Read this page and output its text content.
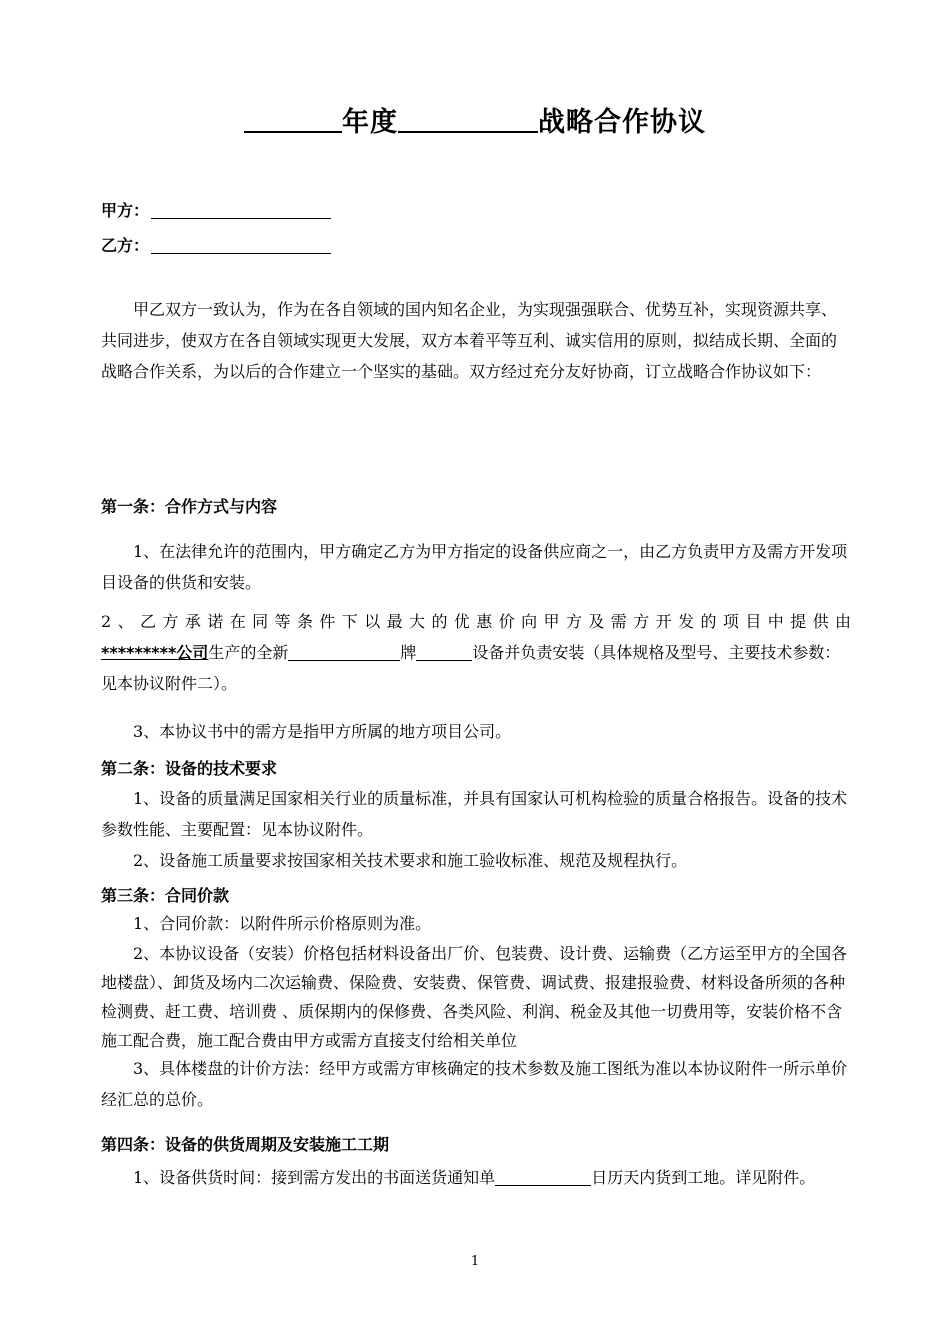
年度	战略合作协议
甲方：
乙方：

甲乙双方一致认为，作为在各自领域的国内知名企业，为实现强强联合、优势互补，实现资源共享、共同进步，使双方在各自领域实现更大发展，双方本着平等互利、诚实信用的原则，拟结成长期、全面的战略合作关系，为以后的合作建立一个坚实的基础。双方经过充分友好协商，订立战略合作协议如下：

第一条：合作方式与内容

1、在法律允许的范围内，甲方确定乙方为甲方指定的设备供应商之一，由乙方负责甲方及需方开发项目设备的供货和安装。

2、乙方承诺在同等条件下以最大的优惠价向甲方及需方开发的项目中提供由

*********公司生产的全新	牌	设备并负责安装（具体规格及型号、主要技术参数：见本协议附件二）。

3、本协议书中的需方是指甲方所属的地方项目公司。

第二条：设备的技术要求

1、设备的质量满足国家相关行业的质量标准，并具有国家认可机构检验的质量合格报告。设备的技术参数性能、主要配置：见本协议附件。

2、设备施工质量要求按国家相关技术要求和施工验收标准、规范及规程执行。

第三条：合同价款

1、合同价款：以附件所示价格原则为准。

2、本协议设备（安装）价格包括材料设备出厂价、包装费、设计费、运输费（乙方运至甲方的全国各地楼盘）、卸货及场内二次运输费、保险费、安装费、保管费、调试费、报建报验费、材料设备所须的各种检测费、赶工费、培训费 、质保期内的保修费、各类风险、利润、税金及其他一切费用等，安装价格不含施工配合费，施工配合费由甲方或需方直接支付给相关单位

3、具体楼盘的计价方法：经甲方或需方审核确定的技术参数及施工图纸为准以本协议附件一所示单价经汇总的总价。

第四条：设备的供货周期及安装施工工期

1、设备供货时间：接到需方发出的书面送货通知单	日历天内货到工地。详见附件。

1
